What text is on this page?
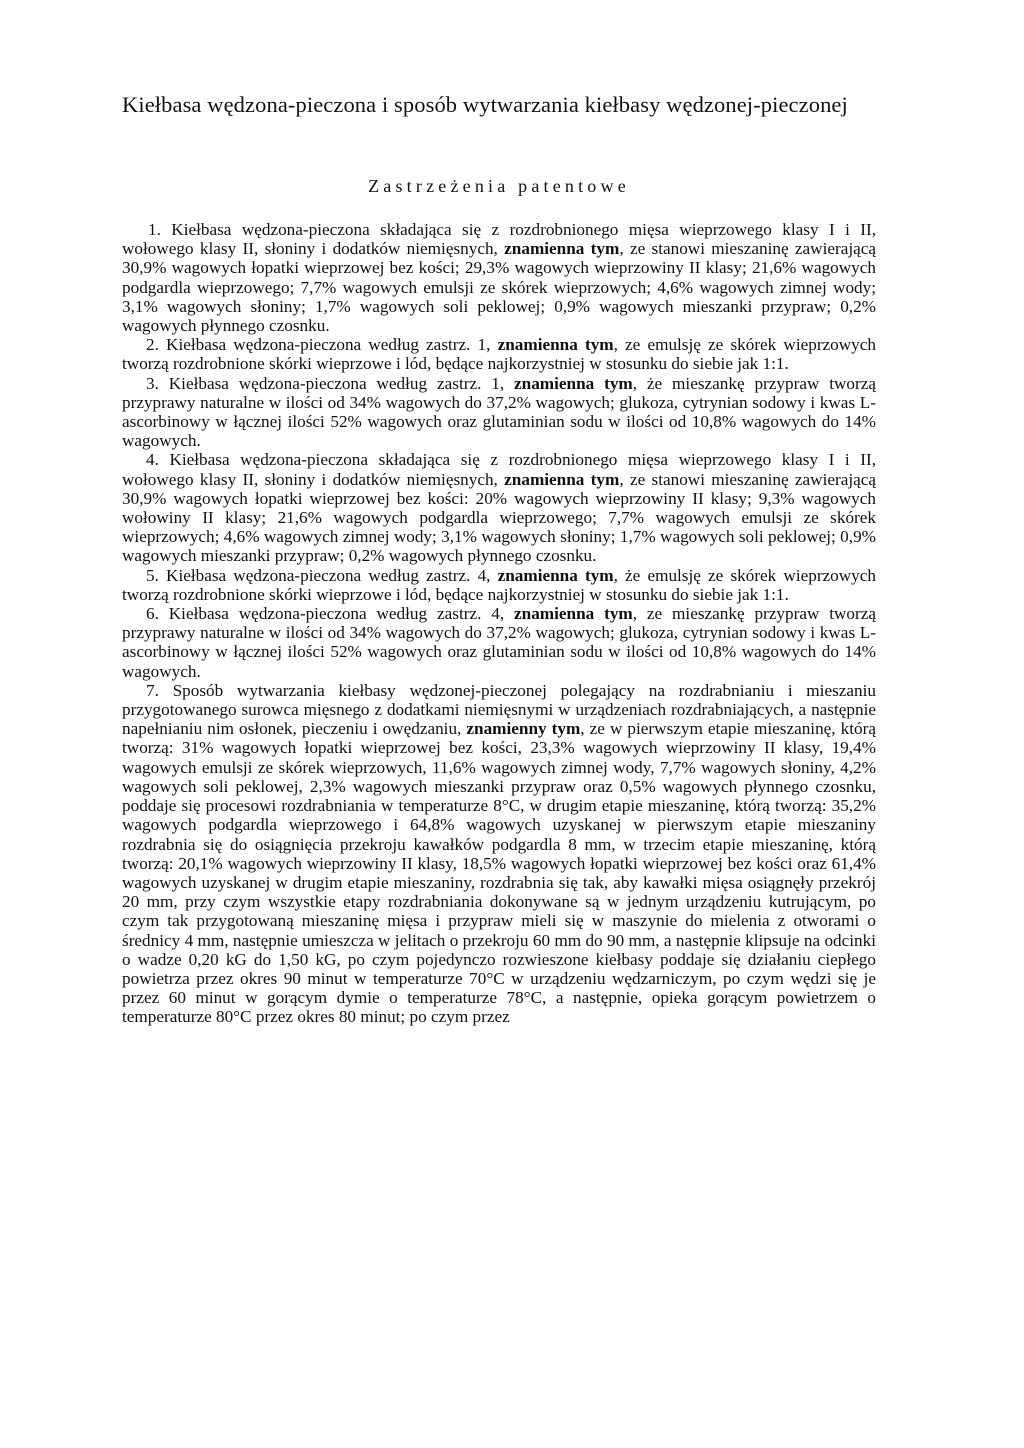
Kiełbasa wędzona-pieczona i sposób wytwarzania kiełbasy wędzonej-pieczonej
Zastrzeżenia patentowe

1. Kiełbasa wędzona-pieczona składająca się z rozdrobnionego mięsa wieprzowego klasy I i II, wołowego klasy II, słoniny i dodatków niemięsnych, znamienna tym, ze stanowi mieszaninę zawierającą 30,9% wagowych łopatki wieprzowej bez kości; 29,3% wagowych wieprzowiny II klasy; 21,6% wagowych podgardla wieprzowego; 7,7% wagowych emulsji ze skórek wieprzowych; 4,6% wagowych zimnej wody; 3,1% wagowych słoniny; 1,7% wagowych soli peklowej; 0,9% wagowych mieszanki przypraw; 0,2% wagowych płynnego czosnku.

2. Kiełbasa wędzona-pieczona według zastrz. 1, znamienna tym, ze emulsję ze skórek wieprzowych tworzą rozdrobnione skórki wieprzowe i lód, będące najkorzystniej w stosunku do siebie jak 1:1.

3. Kiełbasa wędzona-pieczona według zastrz. 1, znamienna tym, że mieszankę przypraw tworzą przyprawy naturalne w ilości od 34% wagowych do 37,2% wagowych; glukoza, cytrynian sodowy i kwas L-ascorbinowy w łącznej ilości 52% wagowych oraz glutaminian sodu w ilości od 10,8% wagowych do 14% wagowych.

4. Kiełbasa wędzona-pieczona składająca się z rozdrobnionego mięsa wieprzowego klasy I i II, wołowego klasy II, słoniny i dodatków niemięsnych, znamienna tym, ze stanowi mieszaninę zawierającą 30,9% wagowych łopatki wieprzowej bez kości: 20% wagowych wieprzowiny II klasy; 9,3% wagowych wołowiny II klasy; 21,6% wagowych podgardla wieprzowego; 7,7% wagowych emulsji ze skórek wieprzowych; 4,6% wagowych zimnej wody; 3,1% wagowych słoniny; 1,7% wagowych soli peklowej; 0,9% wagowych mieszanki przypraw; 0,2% wagowych płynnego czosnku.

5. Kiełbasa wędzona-pieczona według zastrz. 4, znamienna tym, że emulsję ze skórek wieprzowych tworzą rozdrobnione skórki wieprzowe i lód, będące najkorzystniej w stosunku do siebie jak 1:1.

6. Kiełbasa wędzona-pieczona według zastrz. 4, znamienna tym, ze mieszankę przypraw tworzą przyprawy naturalne w ilości od 34% wagowych do 37,2% wagowych; glukoza, cytrynian sodowy i kwas L-ascorbinowy w łącznej ilości 52% wagowych oraz glutaminian sodu w ilości od 10,8% wagowych do 14% wagowych.

7. Sposób wytwarzania kiełbasy wędzonej-pieczonej polegający na rozdrabnianiu i mieszaniu przygotowanego surowca mięsnego z dodatkami niemięsnymi w urządzeniach rozdrabniających, a następnie napełnianiu nim osłonek, pieczeniu i owędzaniu, znamienny tym, ze w pierwszym etapie mieszaninę, którą tworzą: 31% wagowych łopatki wieprzowej bez kości, 23,3% wagowych wieprzowiny II klasy, 19,4% wagowych emulsji ze skórek wieprzowych, 11,6% wagowych zimnej wody, 7,7% wagowych słoniny, 4,2% wagowych soli peklowej, 2,3% wagowych mieszanki przypraw oraz 0,5% wagowych płynnego czosnku, poddaje się procesowi rozdrabniania w temperaturze 8°C, w drugim etapie mieszaninę, którą tworzą: 35,2% wagowych podgardla wieprzowego i 64,8% wagowych uzyskanej w pierwszym etapie mieszaniny rozdrabnia się do osiągnięcia przekroju kawałków podgardla 8 mm, w trzecim etapie mieszaninę, którą tworzą: 20,1% wagowych wieprzowiny II klasy, 18,5% wagowych łopatki wieprzowej bez kości oraz 61,4% wagowych uzyskanej w drugim etapie mieszaniny, rozdrabnia się tak, aby kawałki mięsa osiągnęły przekrój 20 mm, przy czym wszystkie etapy rozdrabniania dokonywane są w jednym urządzeniu kutrującym, po czym tak przygotowaną mieszaninę mięsa i przypraw mieli się w maszynie do mielenia z otworami o średnicy 4 mm, następnie umieszcza w jelitach o przekroju 60 mm do 90 mm, a następnie klipsuje na odcinki o wadze 0,20 kG do 1,50 kG, po czym pojedynczo rozwieszone kiełbasy poddaje się działaniu ciepłego powietrza przez okres 90 minut w temperaturze 70°C w urządzeniu wędzarniczym, po czym wędzi się je przez 60 minut w gorącym dymie o temperaturze 78°C, a następnie, opieka gorącym powietrzem o temperaturze 80°C przez okres 80 minut; po czym przez
